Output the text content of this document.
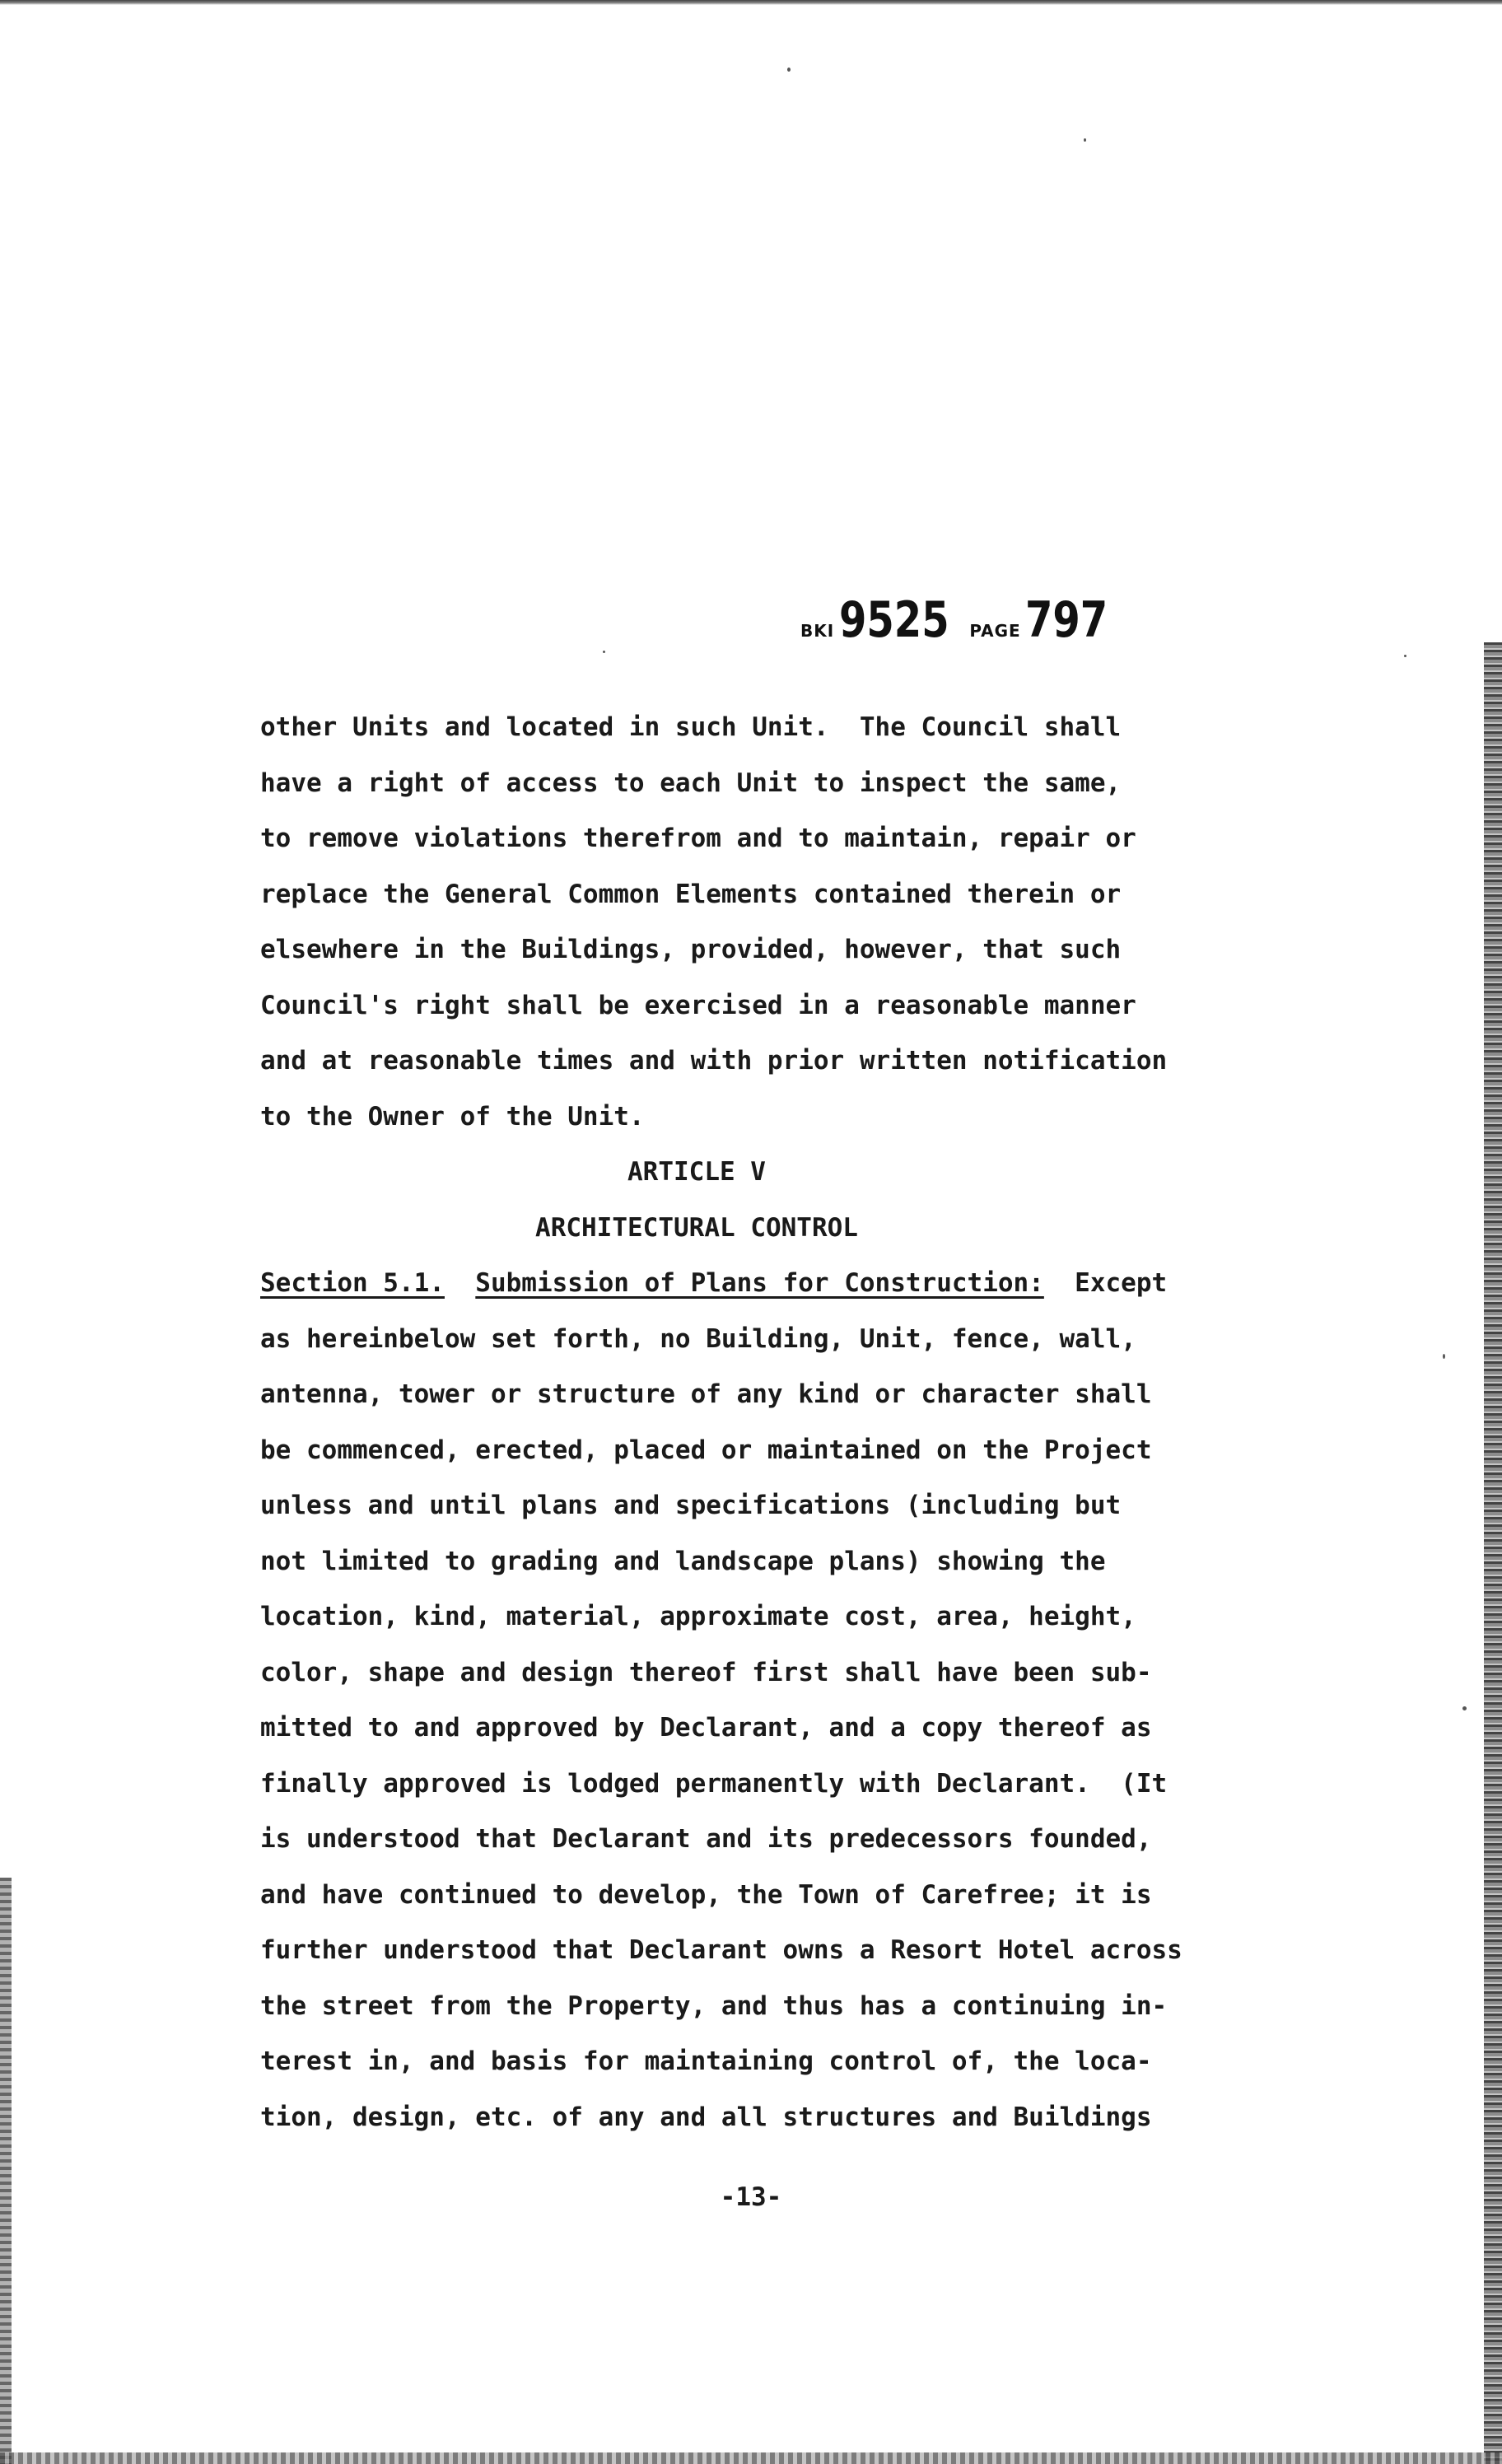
BKI 9525 PAGE 797
other Units and located in such Unit.  The Council shall
have a right of access to each Unit to inspect the same,
to remove violations therefrom and to maintain, repair or
replace the General Common Elements contained therein or
elsewhere in the Buildings, provided, however, that such
Council's right shall be exercised in a reasonable manner
and at reasonable times and with prior written notification
to the Owner of the Unit.
ARTICLE V
ARCHITECTURAL CONTROL
Section 5.1. Submission of Plans for Construction:  Except
as hereinbelow set forth, no Building, Unit, fence, wall,
antenna, tower or structure of any kind or character shall
be commenced, erected, placed or maintained on the Project
unless and until plans and specifications (including but
not limited to grading and landscape plans) showing the
location, kind, material, approximate cost, area, height,
color, shape and design thereof first shall have been sub-
mitted to and approved by Declarant, and a copy thereof as
finally approved is lodged permanently with Declarant.  (It
is understood that Declarant and its predecessors founded,
and have continued to develop, the Town of Carefree; it is
further understood that Declarant owns a Resort Hotel across
the street from the Property, and thus has a continuing in-
terest in, and basis for maintaining control of, the loca-
tion, design, etc. of any and all structures and Buildings
-13-
